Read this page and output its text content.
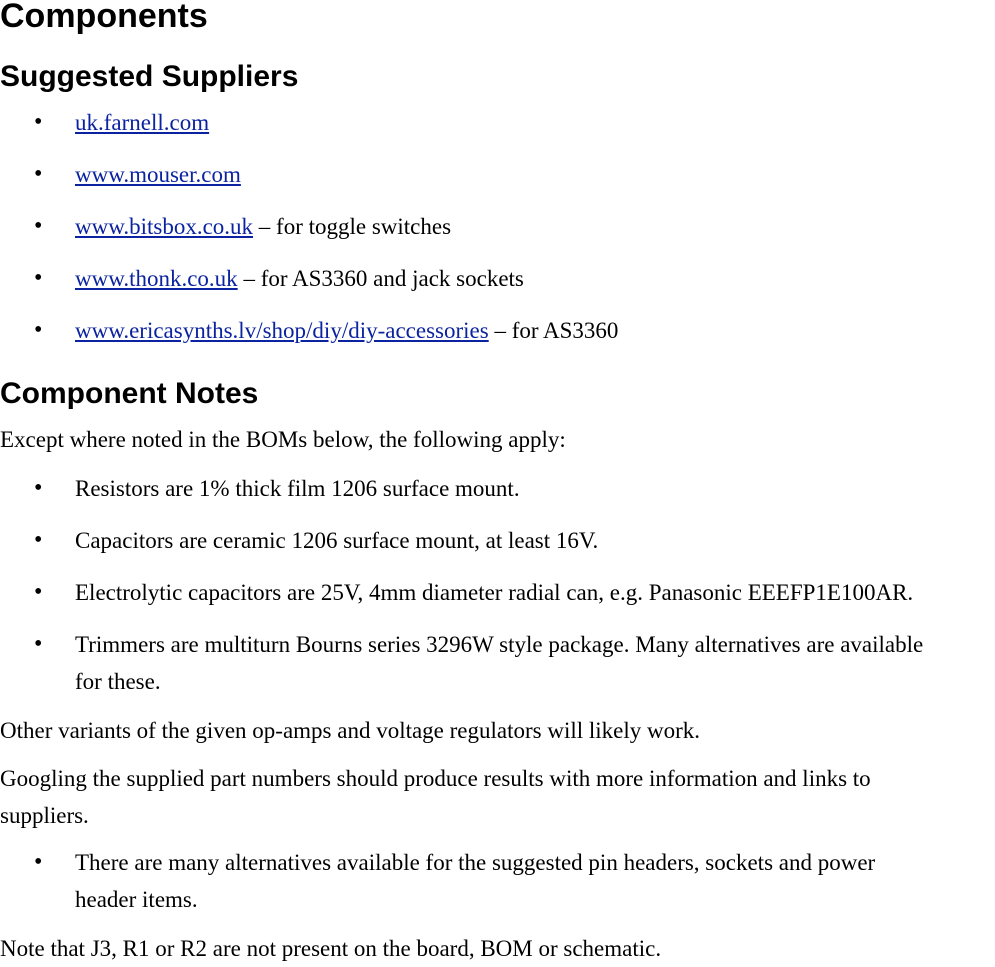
Components
Suggested Suppliers
• uk.farnell.com
• www.mouser.com
• www.bitsbox.co.uk – for toggle switches
• www.thonk.co.uk – for AS3360 and jack sockets
• www.ericasynths.lv/shop/diy/diy-accessories – for AS3360
Component Notes
Except where noted in the BOMs below, the following apply:
• Resistors are 1% thick film 1206 surface mount.
• Capacitors are ceramic 1206 surface mount, at least 16V.
• Electrolytic capacitors are 25V, 4mm diameter radial can, e.g. Panasonic EEEFP1E100AR.
• Trimmers are multiturn Bourns series 3296W style package. Many alternatives are available
for these.
Other variants of the given op-amps and voltage regulators will likely work.
Googling the supplied part numbers should produce results with more information and links to
suppliers.
• There are many alternatives available for the suggested pin headers, sockets and power
header items.
Note that J3, R1 or R2 are not present on the board, BOM or schematic.
